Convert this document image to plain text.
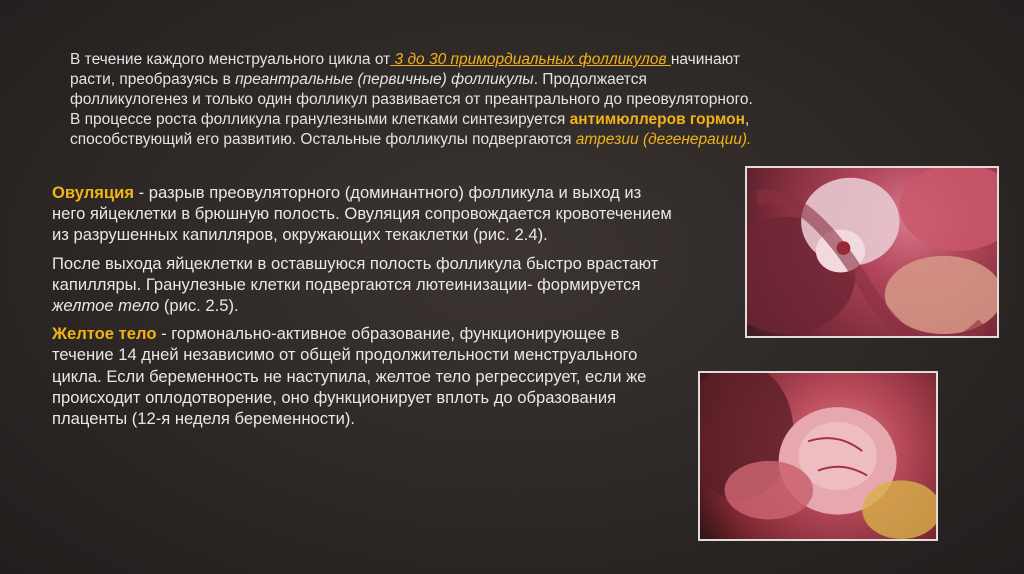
В течение каждого менструального цикла от 3 до 30 примордиальных фолликулов начинают

расти, преобразуясь в преантральные (первичные) фолликулы. Продолжается

фолликулогенез и только один фолликул развивается от преантрального до преовуляторного.

В процессе роста фолликула гранулезными клетками синтезируется антимюллеров гормон,

способствующий его развитию. Остальные фолликулы подвергаются атрезии (дегенерации).

Овуляция - разрыв преовуляторного (доминантного) фолликула и выход из него яйцеклетки в брюшную полость. Овуляция сопровождается кровотечением из разрушенных капилляров, окружающих текаклетки (рис. 2.4).

После выхода яйцеклетки в оставшуюся полость фолликула быстро врастают капилляры. Гранулезные клетки подвергаются лютеинизации- формируется желтое тело (рис. 2.5).

Желтое тело - гормонально-активное образование, функционирующее в течение 14 дней независимо от общей продолжительности менструального цикла. Если беременность не наступила, желтое тело регрессирует, если же происходит оплодотворение, оно функционирует вплоть до образования плаценты (12-я неделя беременности).
